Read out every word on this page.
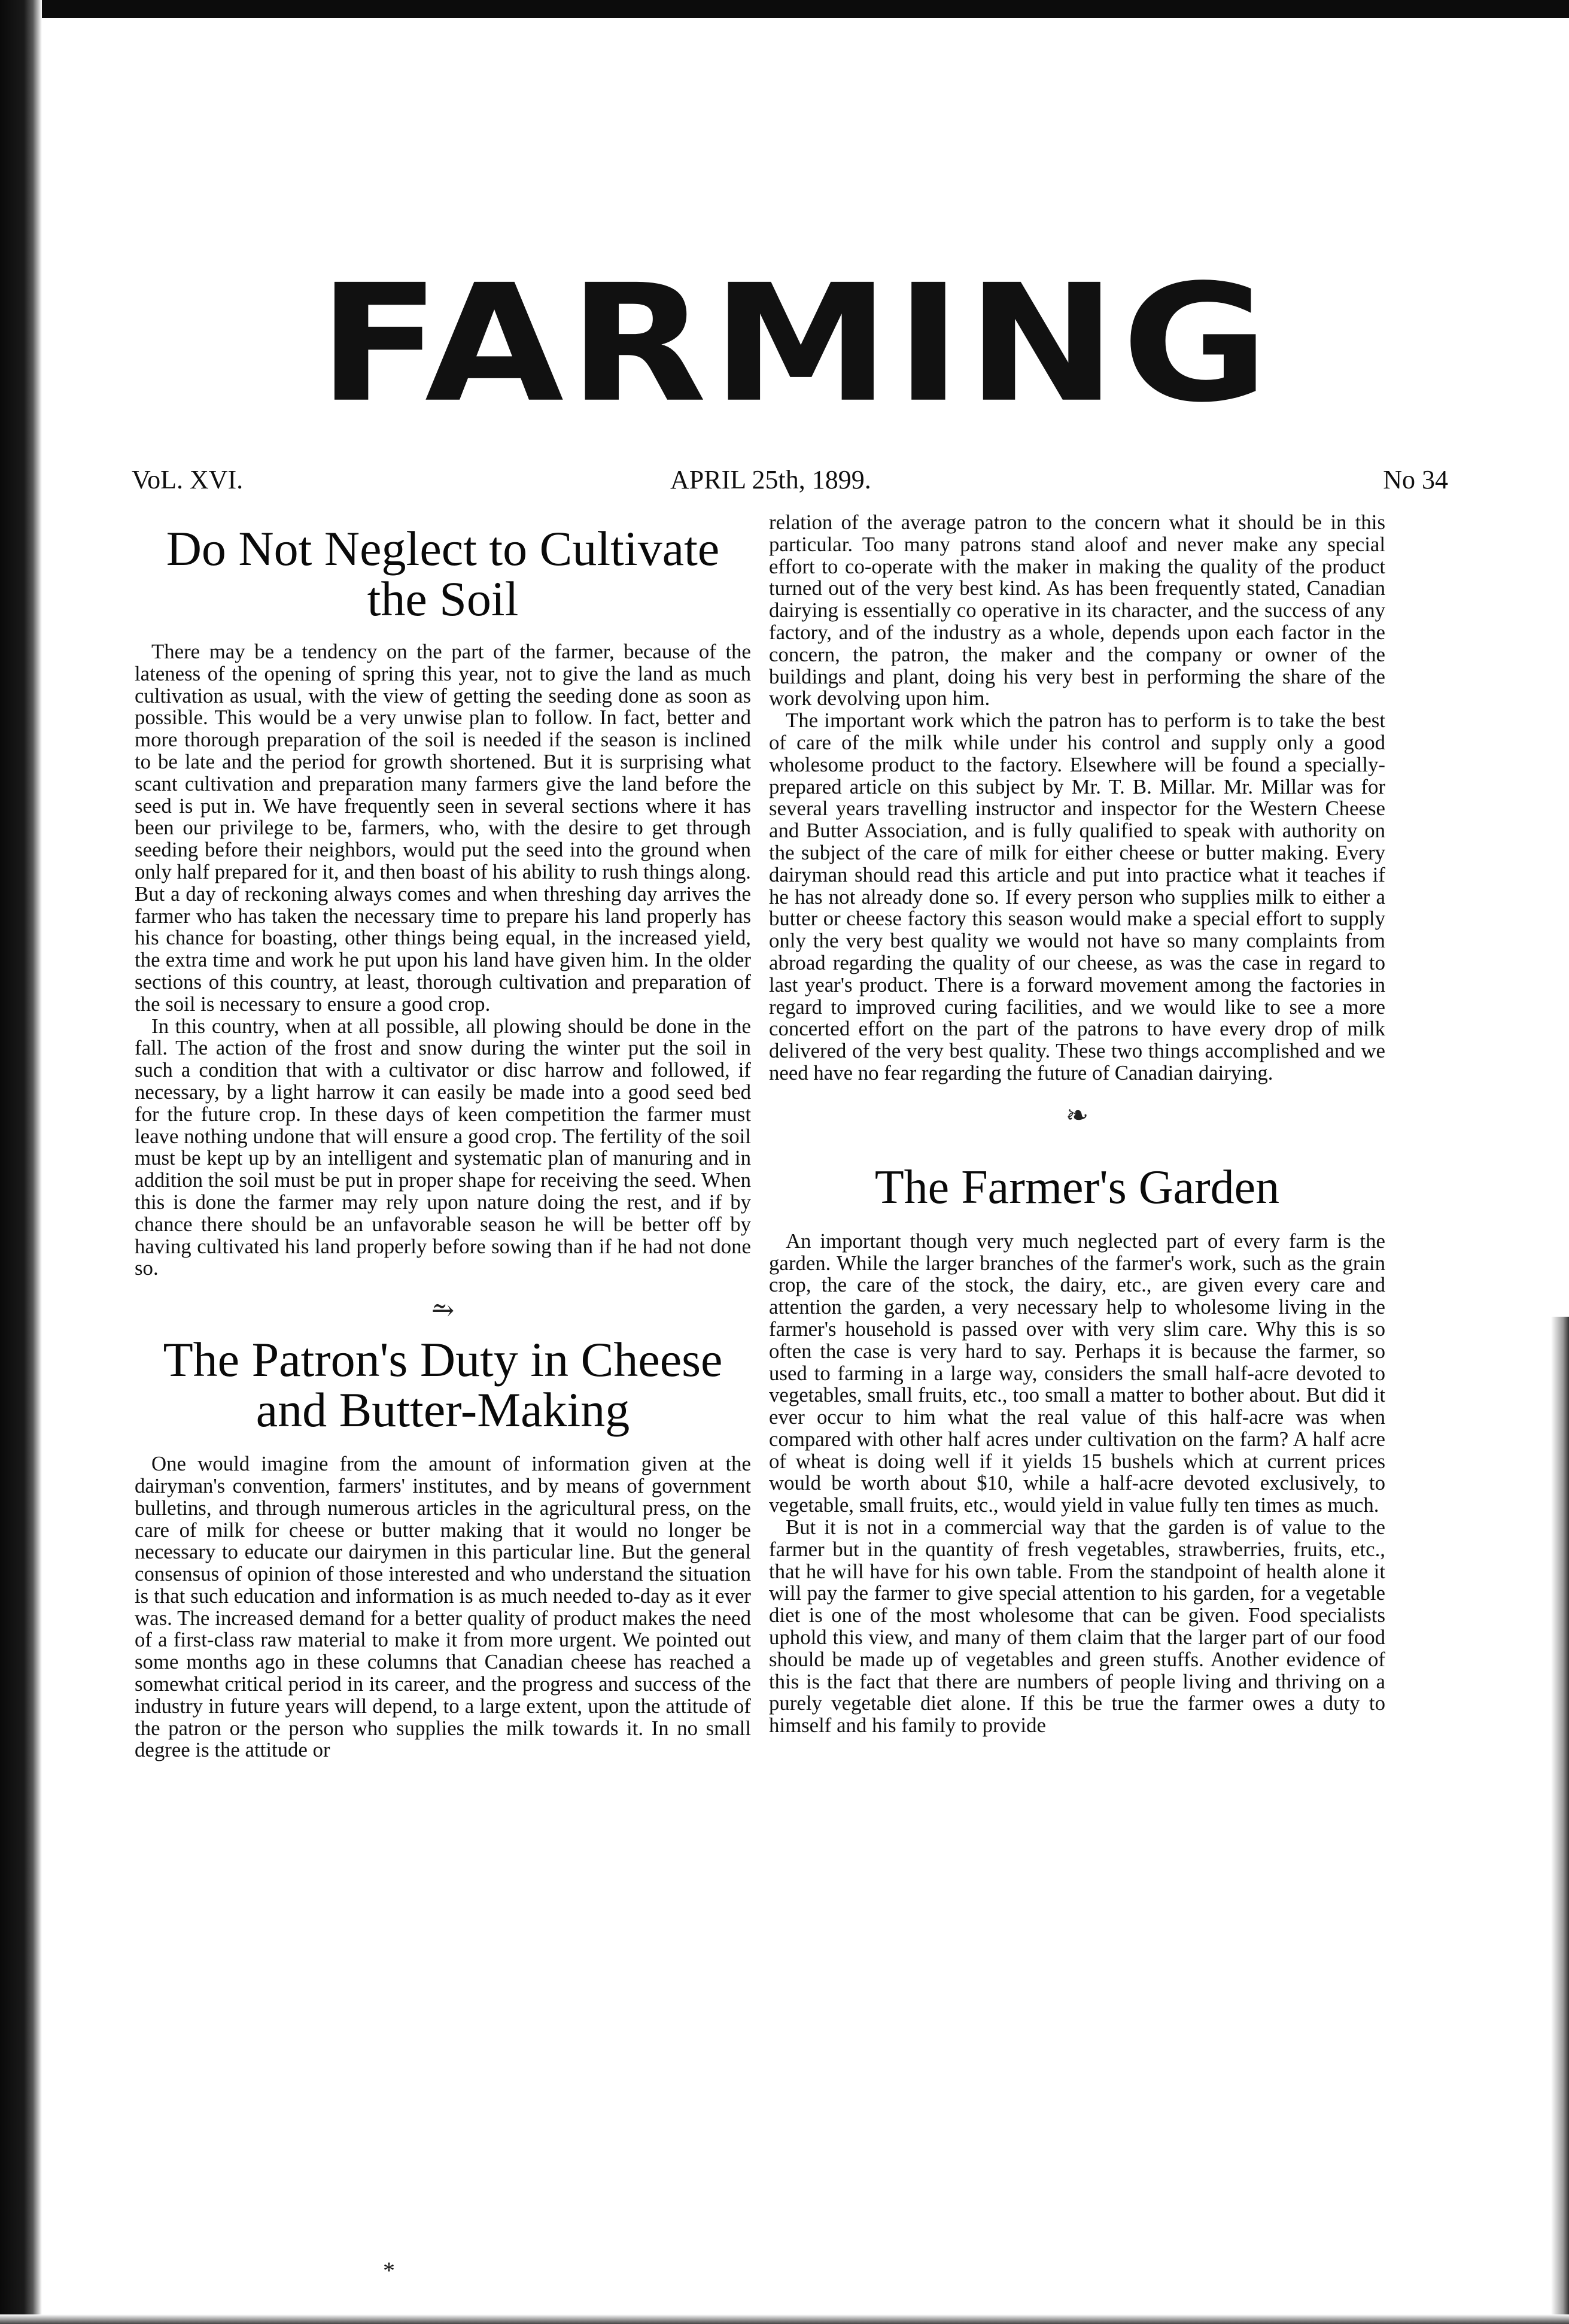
FARMING
VoL. XVI.	APRIL 25th, 1899.	No 34
Do Not Neglect to Cultivate the Soil

There may be a tendency on the part of the farmer, because of the lateness of the opening of spring this year, not to give the land as much cultivation as usual, with the view of getting the seeding done as soon as possible. This would be a very unwise plan to follow. In fact, better and more thorough preparation of the soil is needed if the season is inclined to be late and the period for growth shortened. But it is surprising what scant cultivation and preparation many farmers give the land before the seed is put in. We have frequently seen in several sections where it has been our privilege to be, farmers, who, with the desire to get through seeding before their neighbors, would put the seed into the ground when only half prepared for it, and then boast of his ability to rush things along. But a day of reckoning always comes and when threshing day arrives the farmer who has taken the necessary time to prepare his land properly has his chance for boasting, other things being equal, in the increased yield, the extra time and work he put upon his land have given him. In the older sections of this country, at least, thorough cultivation and preparation of the soil is necessary to ensure a good crop.

In this country, when at all possible, all plowing should be done in the fall. The action of the frost and snow during the winter put the soil in such a condition that with a cultivator or disc harrow and followed, if necessary, by a light harrow it can easily be made into a good seed bed for the future crop. In these days of keen competition the farmer must leave nothing undone that will ensure a good crop. The fertility of the soil must be kept up by an intelligent and systematic plan of manuring and in addition the soil must be put in proper shape for receiving the seed. When this is done the farmer may rely upon nature doing the rest, and if by chance there should be an unfavorable season he will be better off by having cultivated his land properly before sowing than if he had not done so.

⥲
The Patron's Duty in Cheese and Butter-Making

One would imagine from the amount of information given at the dairyman's convention, farmers' institutes, and by means of government bulletins, and through numerous articles in the agricultural press, on the care of milk for cheese or butter making that it would no longer be necessary to educate our dairymen in this particular line. But the general consensus of opinion of those interested and who understand the situation is that such education and information is as much needed to-day as it ever was. The increased demand for a better quality of product makes the need of a first-class raw material to make it from more urgent. We pointed out some months ago in these columns that Canadian cheese has reached a somewhat critical period in its career, and the progress and success of the industry in future years will depend, to a large extent, upon the attitude of the patron or the person who supplies the milk towards it. In no small degree is the attitude or

relation of the average patron to the concern what it should be in this particular. Too many patrons stand aloof and never make any special effort to co-operate with the maker in making the quality of the product turned out of the very best kind. As has been frequently stated, Canadian dairying is essentially co operative in its character, and the success of any factory, and of the industry as a whole, depends upon each factor in the concern, the patron, the maker and the company or owner of the buildings and plant, doing his very best in performing the share of the work devolving upon him.

The important work which the patron has to perform is to take the best of care of the milk while under his control and supply only a good wholesome product to the factory. Elsewhere will be found a specially-prepared article on this subject by Mr. T. B. Millar. Mr. Millar was for several years travelling instructor and inspector for the Western Cheese and Butter Association, and is fully qualified to speak with authority on the subject of the care of milk for either cheese or butter making. Every dairyman should read this article and put into practice what it teaches if he has not already done so. If every person who supplies milk to either a butter or cheese factory this season would make a special effort to supply only the very best quality we would not have so many complaints from abroad regarding the quality of our cheese, as was the case in regard to last year's product. There is a forward movement among the factories in regard to improved curing facilities, and we would like to see a more concerted effort on the part of the patrons to have every drop of milk delivered of the very best quality. These two things accomplished and we need have no fear regarding the future of Canadian dairying.

❧
The Farmer's Garden

An important though very much neglected part of every farm is the garden. While the larger branches of the farmer's work, such as the grain crop, the care of the stock, the dairy, etc., are given every care and attention the garden, a very necessary help to wholesome living in the farmer's household is passed over with very slim care. Why this is so often the case is very hard to say. Perhaps it is because the farmer, so used to farming in a large way, considers the small half-acre devoted to vegetables, small fruits, etc., too small a matter to bother about. But did it ever occur to him what the real value of this half-acre was when compared with other half acres under cultivation on the farm? A half acre of wheat is doing well if it yields 15 bushels which at current prices would be worth about $10, while a half-acre devoted exclusively, to vegetable, small fruits, etc., would yield in value fully ten times as much.

But it is not in a commercial way that the garden is of value to the farmer but in the quantity of fresh vegetables, strawberries, fruits, etc., that he will have for his own table. From the standpoint of health alone it will pay the farmer to give special attention to his garden, for a vegetable diet is one of the most wholesome that can be given. Food specialists uphold this view, and many of them claim that the larger part of our food should be made up of vegetables and green stuffs. Another evidence of this is the fact that there are numbers of people living and thriving on a purely vegetable diet alone. If this be true the farmer owes a duty to himself and his family to provide

*
